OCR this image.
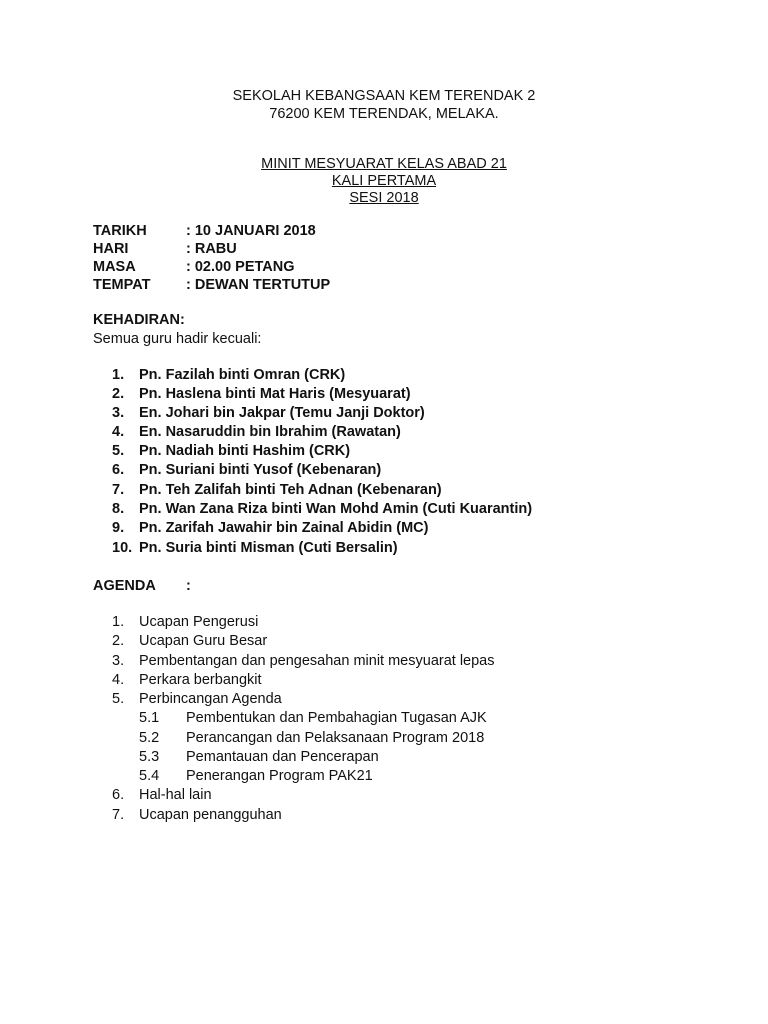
SEKOLAH KEBANGSAAN KEM TERENDAK 2
76200 KEM TERENDAK, MELAKA.
MINIT MESYUARAT KELAS ABAD 21
KALI PERTAMA
SESI 2018
TARIKH	: 10 JANUARI 2018
HARI	: RABU
MASA	: 02.00 PETANG
TEMPAT : DEWAN TERTUTUP
KEHADIRAN:
Semua guru hadir kecuali:
1. Pn. Fazilah binti Omran (CRK)
2. Pn. Haslena binti Mat Haris (Mesyuarat)
3. En. Johari bin Jakpar (Temu Janji Doktor)
4. En. Nasaruddin bin Ibrahim (Rawatan)
5. Pn. Nadiah binti Hashim (CRK)
6. Pn. Suriani binti Yusof (Kebenaran)
7. Pn. Teh Zalifah binti Teh Adnan (Kebenaran)
8. Pn. Wan Zana Riza binti Wan Mohd Amin (Cuti Kuarantin)
9. Pn. Zarifah Jawahir bin Zainal Abidin (MC)
10. Pn. Suria binti Misman (Cuti Bersalin)
AGENDA :
1. Ucapan Pengerusi
2. Ucapan Guru Besar
3. Pembentangan dan pengesahan minit mesyuarat lepas
4. Perkara berbangkit
5. Perbincangan Agenda
5.1 Pembentukan dan Pembahagian Tugasan AJK
5.2 Perancangan dan Pelaksanaan Program 2018
5.3 Pemantauan dan Pencerapan
5.4 Penerangan Program PAK21
6. Hal-hal lain
7. Ucapan penangguhan
